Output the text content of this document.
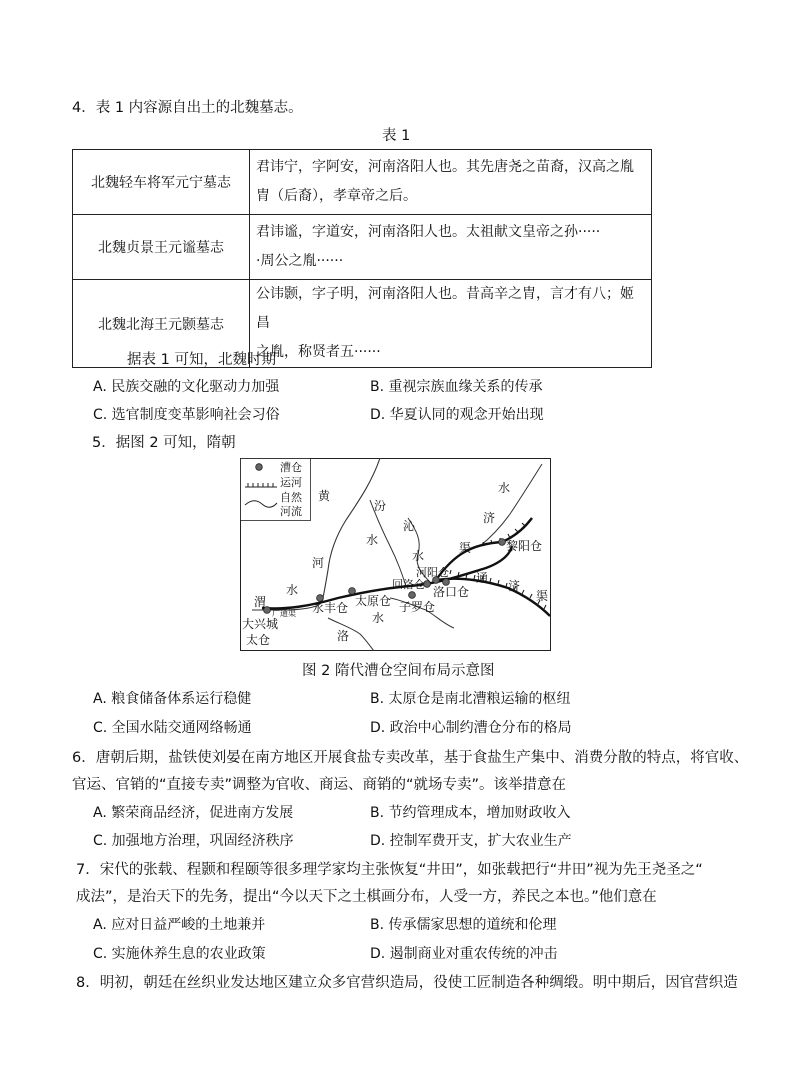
4．表 1 内容源自出土的北魏墓志。
表 1
北魏轻车将军元宁墓志	君讳宁，字阿安，河南洛阳人也。其先唐尧之苗裔，汉高之胤
胄（后裔），孝章帝之后。

北魏贞景王元谧墓志	君讳谧，字道安，河南洛阳人也。太祖献文皇帝之孙·····
·周公之胤······

北魏北海王元颢墓志	公讳颢，字子明，河南洛阳人也。昔高辛之胄，言才有八；姬昌
之胤，称贤者五······
据表 1 可知，北魏时期
A. 民族交融的文化驱动力加强	B. 重视宗族血缘关系的传承
C. 选官制度变革影响社会习俗	D. 华夏认同的观念开始出现
5．据图 2 可知，隋朝
漕仓
运河
自然
河流
黄
河
汾
水
沁
水
水
济
渠
渭
水
广通渠
洛
水
通
济
渠
黎阳仓
河阳仓
回洛仓
洛口仓
子罗仓
太原仓
永丰仓
大兴城
太仓
图 2 隋代漕仓空间布局示意图
A. 粮食储备体系运行稳健	B. 太原仓是南北漕粮运输的枢纽
C. 全国水陆交通网络畅通	D. 政治中心制约漕仓分布的格局
6．唐朝后期，盐铁使刘晏在南方地区开展食盐专卖改革，基于食盐生产集中、消费分散的特点，将官收、
官运、官销的“直接专卖”调整为官收、商运、商销的“就场专卖”。该举措意在
A. 繁荣商品经济，促进南方发展	B. 节约管理成本，增加财政收入
C. 加强地方治理，巩固经济秩序	D. 控制军费开支，扩大农业生产
7．宋代的张载、程颢和程颐等很多理学家均主张恢复“井田”，如张载把行“井田”视为先王尧圣之“
成法”，是治天下的先务，提出“今以天下之土棋画分布，人受一方，养民之本也。”他们意在
A. 应对日益严峻的土地兼并	B. 传承儒家思想的道统和伦理
C. 实施休养生息的农业政策	D. 遏制商业对重农传统的冲击
8．明初，朝廷在丝织业发达地区建立众多官营织造局，役使工匠制造各种绸缎。明中期后，因官营织造
